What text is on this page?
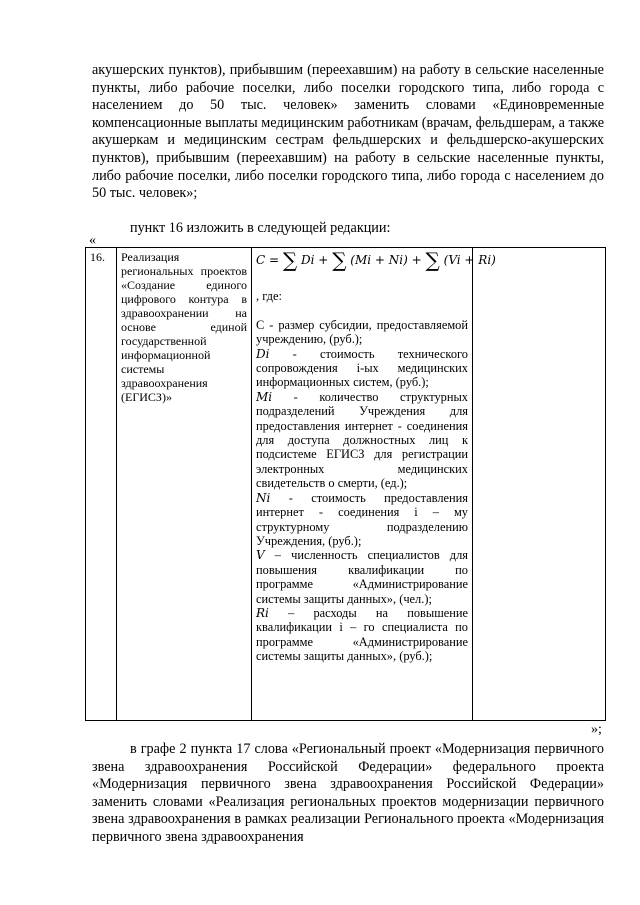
акушерских пунктов), прибывшим (переехавшим) на работу в сельские населенные пункты, либо рабочие поселки, либо поселки городского типа, либо города с населением до 50 тыс. человек» заменить словами «Единовременные компенсационные выплаты медицинским работникам (врачам, фельдшерам, а также акушеркам и медицинским сестрам фельдшерских и фельдшерско-акушерских пунктов), прибывшим (переехавшим) на работу в сельские населенные пункты, либо рабочие поселки, либо поселки городского типа, либо города с населением до 50 тыс. человек»;
пункт 16 изложить в следующей редакции:
«
16.	Реализация региональных проектов «Создание единого цифрового контура в здравоохранении на основе единой государственной информационной системы здравоохранения (ЕГИСЗ)»

C = ∑ Di + ∑ (Mi + Ni) + ∑ (Vi + Ri)
, где:
С - размер субсидии, предоставляемой учреждению, (руб.);
Di - стоимость технического сопровождения i-ых медицинских информационных систем, (руб.);
Mi - количество структурных подразделений Учреждения для предоставления интернет - соединения для доступа должностных лиц к подсистеме ЕГИСЗ для регистрации электронных медицинских свидетельств о смерти, (ед.);
Ni - стоимость предоставления интернет - соединения i – му структурному подразделению Учреждения, (руб.);
V – численность специалистов для повышения квалификации по программе «Администрирование системы защиты данных», (чел.);
Ri – расходы на повышение квалификации i – го специалиста по программе «Администрирование системы защиты данных», (руб.);

»;
в графе 2 пункта 17 слова «Региональный проект «Модернизация первичного звена здравоохранения Российской Федерации» федерального проекта «Модернизация первичного звена здравоохранения Российской Федерации» заменить словами «Реализация региональных проектов модернизации первичного звена здравоохранения в рамках реализации Регионального проекта «Модернизация первичного звена здравоохранения
